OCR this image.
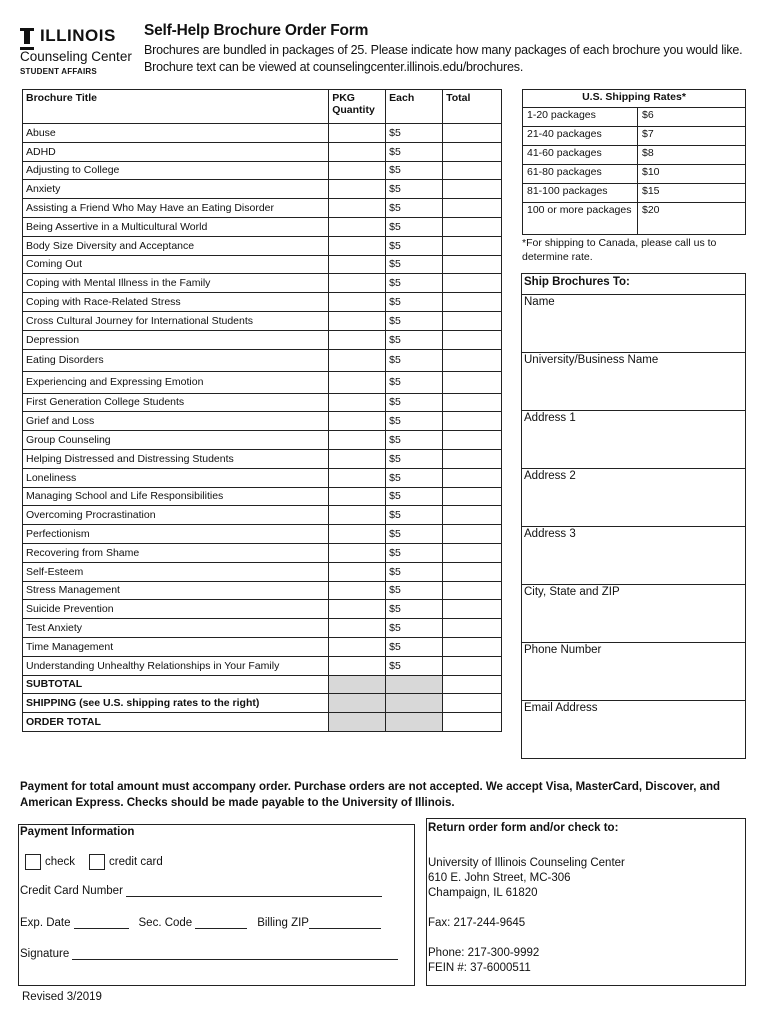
ILLINOIS
Counseling Center
STUDENT AFFAIRS
Self-Help Brochure Order Form
Brochures are bundled in packages of 25. Please indicate how many packages of each brochure you would like. Brochure text can be viewed at counselingcenter.illinois.edu/brochures.
Brochure Title	PKG Quantity	Each	Total
Abuse		$5	
ADHD		$5	
Adjusting to College		$5	
Anxiety		$5	
Assisting a Friend Who May Have an Eating Disorder		$5	
Being Assertive in a Multicultural World		$5	
Body Size Diversity and Acceptance		$5	
Coming Out		$5	
Coping with Mental Illness in the Family		$5	
Coping with Race-Related Stress		$5	
Cross Cultural Journey for International Students		$5	
Depression		$5	
Eating Disorders		$5	
Experiencing and Expressing Emotion		$5	
First Generation College Students		$5	
Grief and Loss		$5	
Group Counseling		$5	
Helping Distressed and Distressing Students		$5	
Loneliness		$5	
Managing School and Life Responsibilities		$5	
Overcoming Procrastination		$5	
Perfectionism		$5	
Recovering from Shame		$5	
Self-Esteem		$5	
Stress Management		$5	
Suicide Prevention		$5	
Test Anxiety		$5	
Time Management		$5	
Understanding Unhealthy Relationships in Your Family		$5	
SUBTOTAL			
SHIPPING (see U.S. shipping rates to the right)			
ORDER TOTAL			
U.S. Shipping Rates*	
1-20 packages	$6
21-40 packages	$7
41-60 packages	$8
61-80 packages	$10
81-100 packages	$15
100 or more packages	$20
*For shipping to Canada, please call us to determine rate.
Ship Brochures To:
Name
University/Business Name
Address 1
Address 2
Address 3
City, State and ZIP
Phone Number
Email Address
Payment for total amount must accompany order. Purchase orders are not accepted. We accept Visa, MasterCard, Discover, and American Express. Checks should be made payable to the University of Illinois.
Payment Information
check	credit card
Credit Card Number
Exp. Date	Sec. Code	Billing ZIP
Signature
Return order form and/or check to:
University of Illinois Counseling Center
610 E. John Street, MC-306
Champaign, IL 61820
Fax: 217-244-9645
Phone: 217-300-9992
FEIN #: 37-6000511
Revised 3/2019
